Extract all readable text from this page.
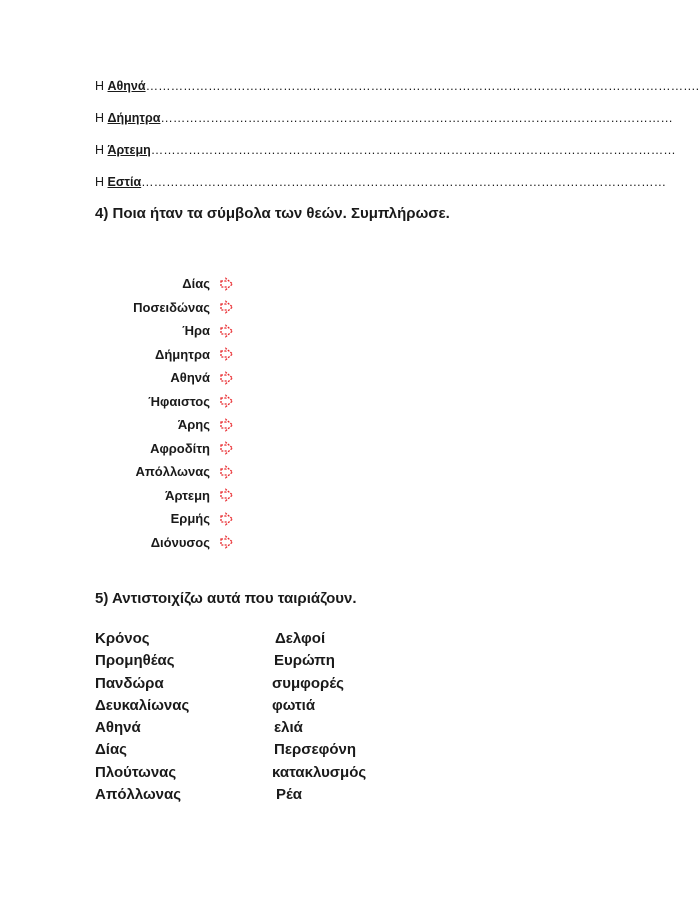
Η Αθηνά…………………………………………………………………………………………………………………….
Η Δήμητρα……………………………………………………………………………………………………………
Η Άρτεμη………………………………………………………………………………………………………………
Η Εστία………………………………………………………………………………………………………………
4) Ποια ήταν τα σύμβολα των θεών. Συμπλήρωσε.
Δίας
Ποσειδώνας
Ήρα
Δήμητρα
Αθηνά
Ήφαιστος
Άρης
Αφροδίτη
Απόλλωνας
Άρτεμη
Ερμής
Διόνυσος
5) Αντιστοιχίζω αυτά που ταιριάζουν.
Κρόνος
Προμηθέας
Πανδώρα
Δευκαλίωνας
Αθηνά
Δίας
Πλούτωνας
Απόλλωνας
Δελφοί
Ευρώπη
συμφορές
φωτιά
ελιά
Περσεφόνη
κατακλυσμός
Ρέα
